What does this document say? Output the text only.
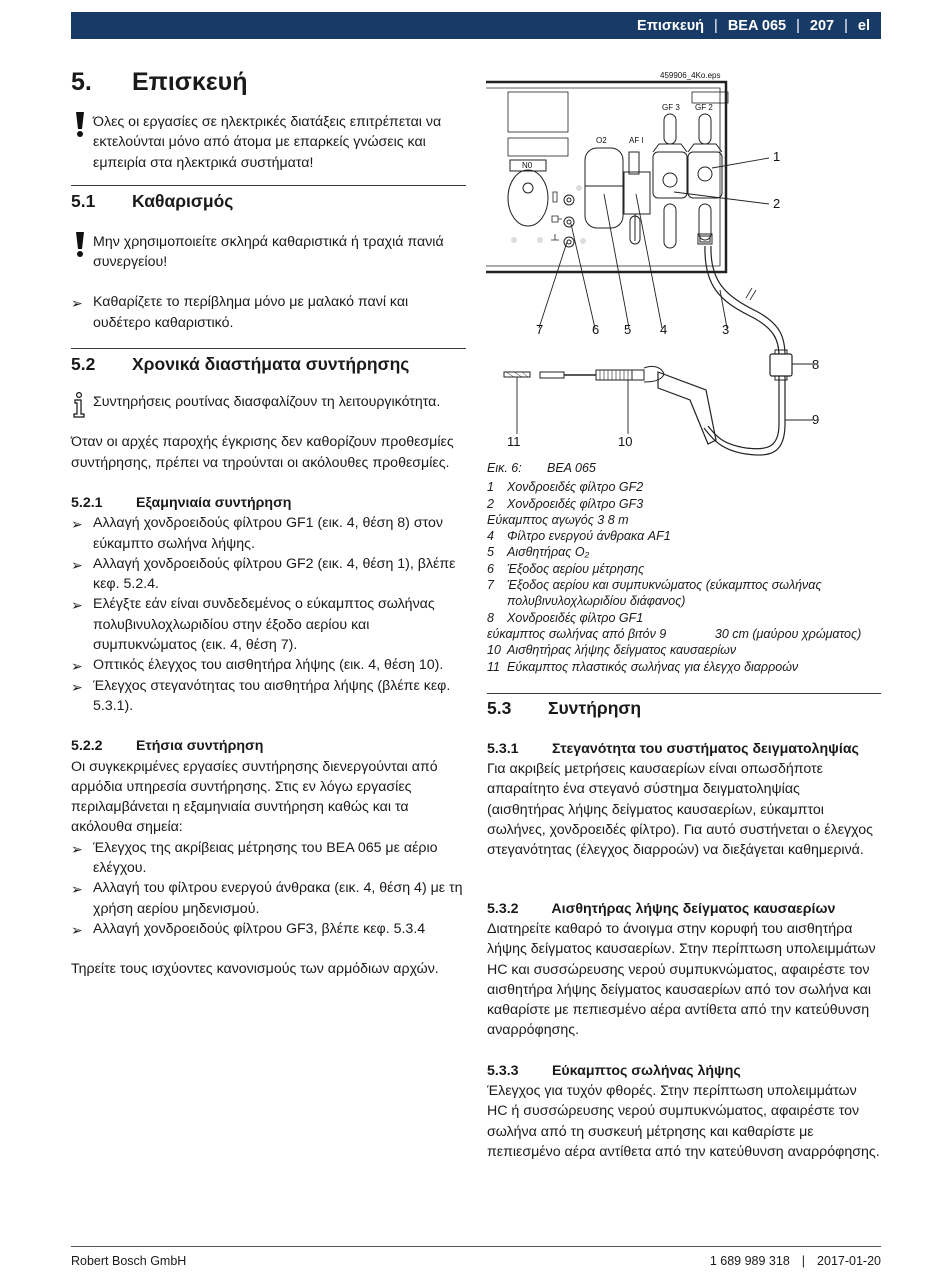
Επισκευή | BEA 065 | 207 | el
5.	Επισκευή

Όλες οι εργασίες σε ηλεκτρικές διατάξεις επιτρέπεται να εκτελούνται μόνο από άτομα με επαρκείς γνώσεις και εμπειρία στα ηλεκτρικά συστήματα!

5.1	Καθαρισμός

Μην χρησιμοποιείτε σκληρά καθαριστικά ή τραχιά πανιά συνεργείου!

➢ Καθαρίζετε το περίβλημα μόνο με μαλακό πανί και ουδέτερο καθαριστικό.
5.2	Χρονικά διαστήματα συντήρησης

Συντηρήσεις ρουτίνας διασφαλίζουν τη λειτουργικότητα.

Όταν οι αρχές παροχής έγκρισης δεν καθορίζουν προθεσμίες συντήρησης, πρέπει να τηρούνται οι ακόλουθες προθεσμίες.

5.2.1 Εξαμηνιαία συντήρηση
➢ Αλλαγή χονδροειδούς φίλτρου GF1 (εικ. 4, θέση 8) στον εύκαμπτο σωλήνα λήψης.
➢ Αλλαγή χονδροειδούς φίλτρου GF2 (εικ. 4, θέση 1), βλέπε κεφ. 5.2.4.
➢ Ελέγξτε εάν είναι συνδεδεμένος ο εύκαμπτος σωλήνας πολυβινυλοχλωριδίου στην έξοδο αερίου και συμπυκνώματος (εικ. 4, θέση 7).
➢ Οπτικός έλεγχος του αισθητήρα λήψης (εικ. 4, θέση 10).
➢ Έλεγχος στεγανότητας του αισθητήρα λήψης (βλέπε κεφ. 5.3.1).
5.2.2 Ετήσια συντήρηση

Οι συγκεκριμένες εργασίες συντήρησης διενεργούνται από αρμόδια υπηρεσία συντήρησης. Στις εν λόγω εργασίες περιλαμβάνεται η εξαμηνιαία συντήρηση καθώς και τα ακόλουθα σημεία:

➢ Έλεγχος της ακρίβειας μέτρησης του BEA 065 με αέριο ελέγχου.
➢ Αλλαγή του φίλτρου ενεργού άνθρακα (εικ. 4, θέση 4) με τη χρήση αερίου μηδενισμού.
➢ Αλλαγή χονδροειδούς φίλτρου GF3, βλέπε κεφ. 5.3.4

Τηρείτε τους ισχύοντες κανονισμούς των αρμόδιων αρχών.

459906_4Ko.eps
N0
O2	AF I
GF 3 GF 2
1
2
3
4
5
6
7
8
9
10
11
Εικ. 6:	BEA 065
1	Χονδροειδές φίλτρο GF2
2	Χονδροειδές φίλτρο GF3
Εύκαμπτος αγωγός 3 8 m
4	Φίλτρο ενεργού άνθρακα AF1
5	Αισθητήρας O₂
6	Έξοδος αερίου μέτρησης
7	Έξοδος αερίου και συμπυκνώματος (εύκαμπτος σωλήνας πολυβινυλοχλωριδίου διάφανος)
8	Χονδροειδές φίλτρο GF1
εύκαμπτος σωλήνας από βιτόν 9              30 cm (μαύρου χρώματος)
10 Αισθητήρας λήψης δείγματος καυσαερίων
11 Εύκαμπτος πλαστικός σωλήνας για έλεγχο διαρροών
5.3	Συντήρηση
5.3.1 Στεγανότητα του συστήματος δειγματοληψίας

Για ακριβείς μετρήσεις καυσαερίων είναι οπωσδήποτε απαραίτητο ένα στεγανό σύστημα δειγματοληψίας (αισθητήρας λήψης δείγματος καυσαερίων, εύκαμπτοι σωλήνες, χονδροειδές φίλτρο). Για αυτό συστήνεται ο έλεγχος στεγανότητας (έλεγχος διαρροών) να διεξάγεται καθημερινά.

5.3.2 Αισθητήρας λήψης δείγματος καυσαερίων

Διατηρείτε καθαρό το άνοιγμα στην κορυφή του αισθητήρα λήψης δείγματος καυσαερίων. Στην περίπτωση υπολειμμάτων HC και συσσώρευσης νερού συμπυκνώματος, αφαιρέστε τον αισθητήρα λήψης δείγματος καυσαερίων από τον σωλήνα και καθαρίστε με πεπιεσμένο αέρα αντίθετα από την κατεύθυνση αναρρόφησης.

5.3.3 Εύκαμπτος σωλήνας λήψης

Έλεγχος για τυχόν φθορές. Στην περίπτωση υπολειμμάτων HC ή συσσώρευσης νερού συμπυκνώματος, αφαιρέστε τον σωλήνα από τη συσκευή μέτρησης και καθαρίστε με πεπιεσμένο αέρα αντίθετα από την κατεύθυνση αναρρόφησης.

Robert Bosch GmbH	1 689 989 318 | 2017-01-20
